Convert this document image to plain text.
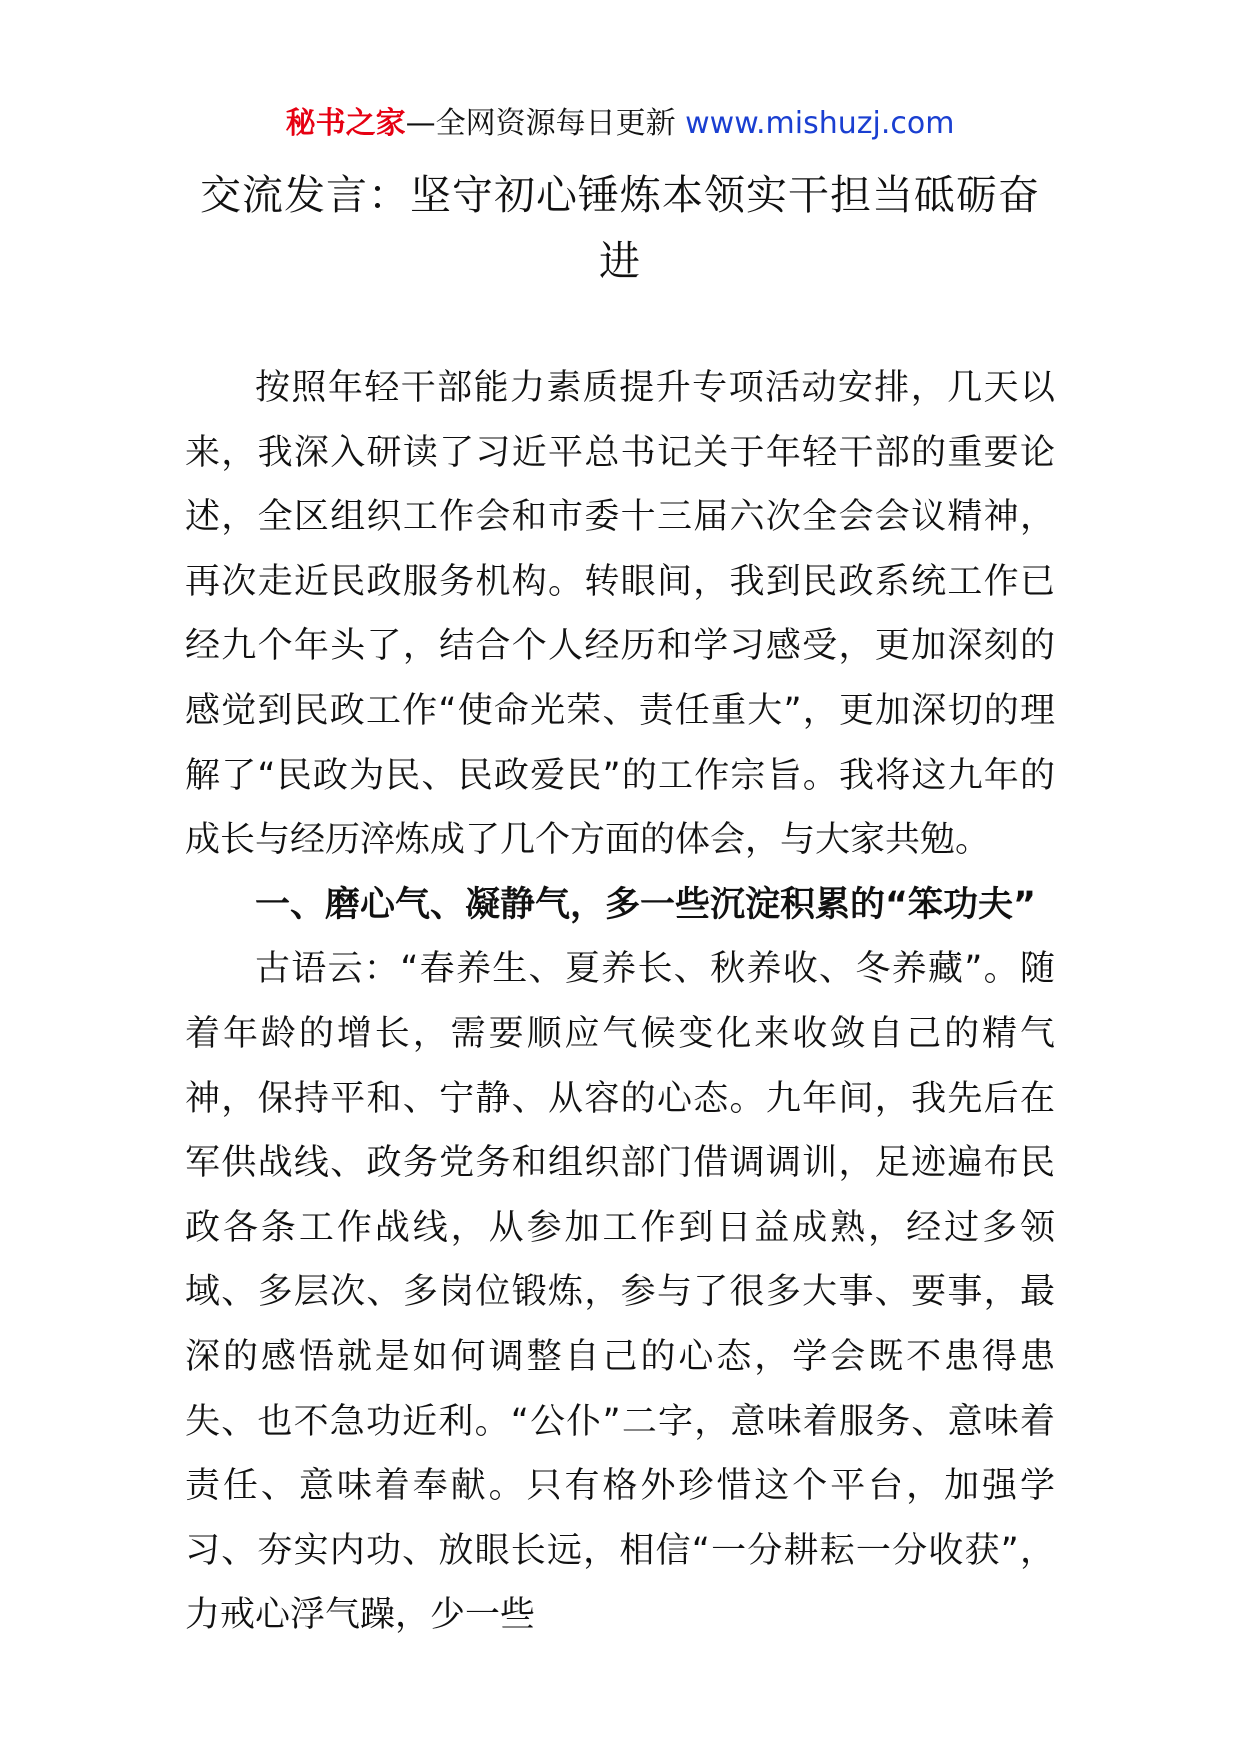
秘书之家—全网资源每日更新 www.mishuzj.com
交流发言：坚守初心锤炼本领实干担当砥砺奋进

按照年轻干部能力素质提升专项活动安排，几天以来，我深入研读了习近平总书记关于年轻干部的重要论述，全区组织工作会和市委十三届六次全会会议精神，再次走近民政服务机构。转眼间，我到民政系统工作已经九个年头了，结合个人经历和学习感受，更加深刻的感觉到民政工作“使命光荣、责任重大”，更加深切的理解了“民政为民、民政爱民”的工作宗旨。我将这九年的成长与经历淬炼成了几个方面的体会，与大家共勉。

一、磨心气、凝静气，多一些沉淀积累的“笨功夫”

古语云：“春养生、夏养长、秋养收、冬养藏”。随着年龄的增长，需要顺应气候变化来收敛自己的精气神，保持平和、宁静、从容的心态。九年间，我先后在军供战线、政务党务和组织部门借调调训，足迹遍布民政各条工作战线，从参加工作到日益成熟，经过多领域、多层次、多岗位锻炼，参与了很多大事、要事，最深的感悟就是如何调整自己的心态，学会既不患得患失、也不急功近利。“公仆”二字，意味着服务、意味着责任、意味着奉献。只有格外珍惜这个平台，加强学习、夯实内功、放眼长远，相信“一分耕耘一分收获”，力戒心浮气躁，少一些
